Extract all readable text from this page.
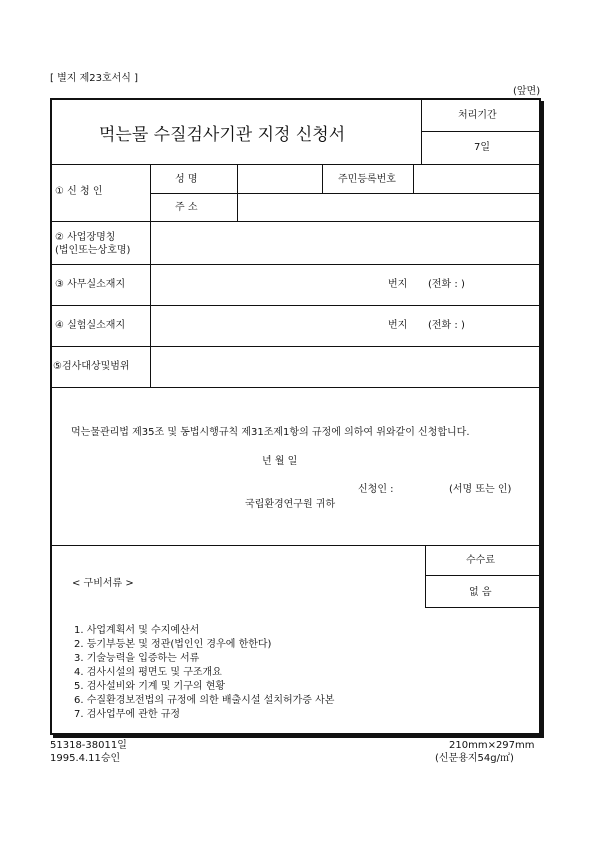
[ 별지 제23호서식 ]
(앞면)
먹는물 수질검사기관 지정 신청서
처리기간
7일
① 신 청 인
성 명	주민등록번호
주 소
② 사업장명칭
(법인또는상호명)
③ 사무실소재지	번지 (전화 : )
④ 실험실소재지	번지 (전화 : )
⑤검사대상및범위
먹는물관리법 제35조 및 동법시행규칙 제31조제1항의 규정에 의하여 위와같이 신청합니다.
년 월 일
신청인 :	(서명 또는 인)
국립환경연구원 귀하
< 구비서류 >
1. 사업계획서 및 수지예산서
2. 등기부등본 및 정관(법인인 경우에 한한다)
3. 기술능력을 입증하는 서류
4. 검사시설의 평면도 및 구조개요
5. 검사설비와 기계 및 기구의 현황
6. 수질환경보전법의 규정에 의한 배출시설 설치허가증 사본
7. 검사업무에 관한 규정
수수료
없 음
51318-38011일
1995.4.11승인
210mm×297mm
(신문용지54g/㎡)
